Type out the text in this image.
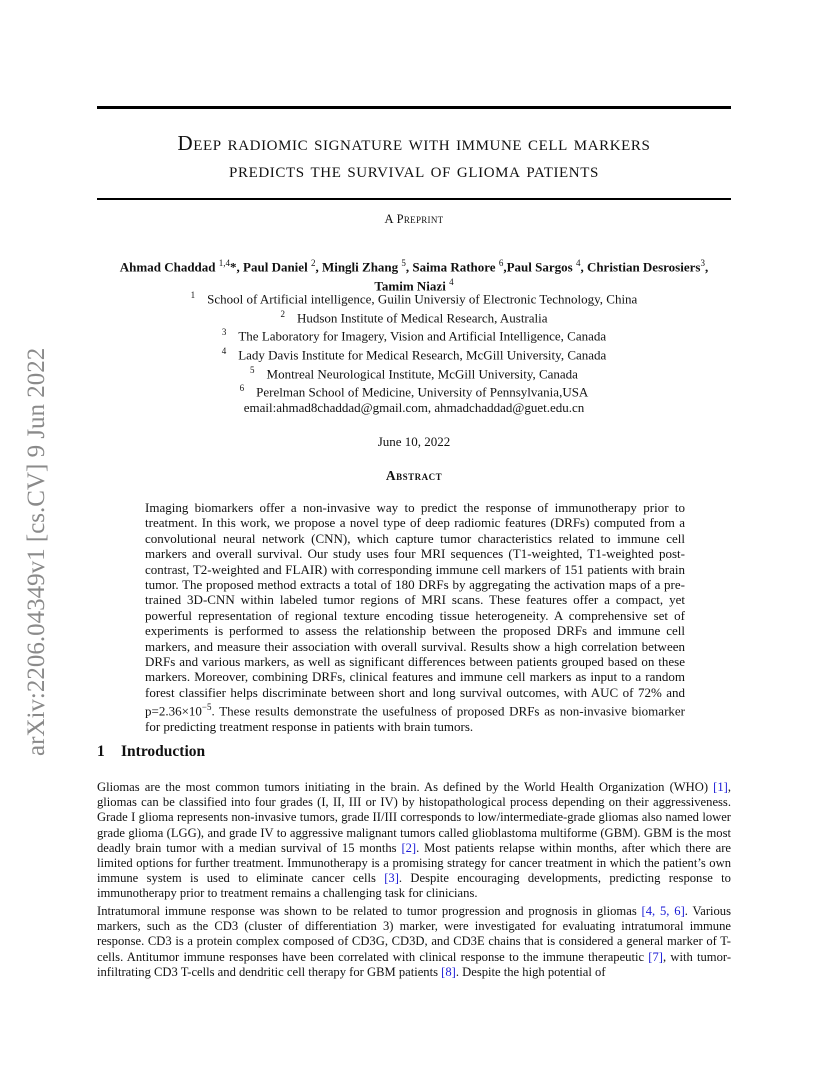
arXiv:2206.04349v1 [cs.CV] 9 Jun 2022
Deep radiomic signature with immune cell markers
predicts the survival of glioma patients
A Preprint
Ahmad Chaddad $^{1,4}$*, Paul Daniel $^2$, Mingli Zhang $^5$, Saima Rathore $^6$,Paul Sargos $^4$, Christian Desrosiers$^3$,
Tamim Niazi $^4$
$^1$ School of Artificial intelligence, Guilin Universiy of Electronic Technology, China
$^2$ Hudson Institute of Medical Research, Australia
$^3$ The Laboratory for Imagery, Vision and Artificial Intelligence, Canada
$^4$ Lady Davis Institute for Medical Research, McGill University, Canada
$^5$ Montreal Neurological Institute, McGill University, Canada
$^6$ Perelman School of Medicine, University of Pennsylvania,USA
email:ahmad8chaddad@gmail.com, ahmadchaddad@guet.edu.cn
June 10, 2022
Abstract
Imaging biomarkers offer a non-invasive way to predict the response of immunotherapy prior to treatment. In this work, we propose a novel type of deep radiomic features (DRFs) computed from a convolutional neural network (CNN), which capture tumor characteristics related to immune cell markers and overall survival. Our study uses four MRI sequences (T1-weighted, T1-weighted post-contrast, T2-weighted and FLAIR) with corresponding immune cell markers of 151 patients with brain tumor. The proposed method extracts a total of 180 DRFs by aggregating the activation maps of a pre-trained 3D-CNN within labeled tumor regions of MRI scans. These features offer a compact, yet powerful representation of regional texture encoding tissue heterogeneity. A comprehensive set of experiments is performed to assess the relationship between the proposed DRFs and immune cell markers, and measure their association with overall survival. Results show a high correlation between DRFs and various markers, as well as significant differences between patients grouped based on these markers. Moreover, combining DRFs, clinical features and immune cell markers as input to a random forest classifier helps discriminate between short and long survival outcomes, with AUC of 72% and $p=2.36\times 10^{-5}$. These results demonstrate the usefulness of proposed DRFs as non-invasive biomarker for predicting treatment response in patients with brain tumors.
1 Introduction
Gliomas are the most common tumors initiating in the brain. As defined by the World Health Organization (WHO) [1], gliomas can be classified into four grades (I, II, III or IV) by histopathological process depending on their aggressiveness. Grade I glioma represents non-invasive tumors, grade II/III corresponds to low/intermediate-grade gliomas also named lower grade glioma (LGG), and grade IV to aggressive malignant tumors called glioblastoma multiforme (GBM). GBM is the most deadly brain tumor with a median survival of 15 months [2]. Most patients relapse within months, after which there are limited options for further treatment. Immunotherapy is a promising strategy for cancer treatment in which the patient’s own immune system is used to eliminate cancer cells [3]. Despite encouraging developments, predicting response to immunotherapy prior to treatment remains a challenging task for clinicians.
Intratumoral immune response was shown to be related to tumor progression and prognosis in gliomas [4, 5, 6]. Various markers, such as the CD3 (cluster of differentiation 3) marker, were investigated for evaluating intratumoral immune response. CD3 is a protein complex composed of CD3G, CD3D, and CD3E chains that is considered a general marker of T-cells. Antitumor immune responses have been correlated with clinical response to the immune therapeutic [7], with tumor-infiltrating CD3 T-cells and dendritic cell therapy for GBM patients [8]. Despite the high potential of
